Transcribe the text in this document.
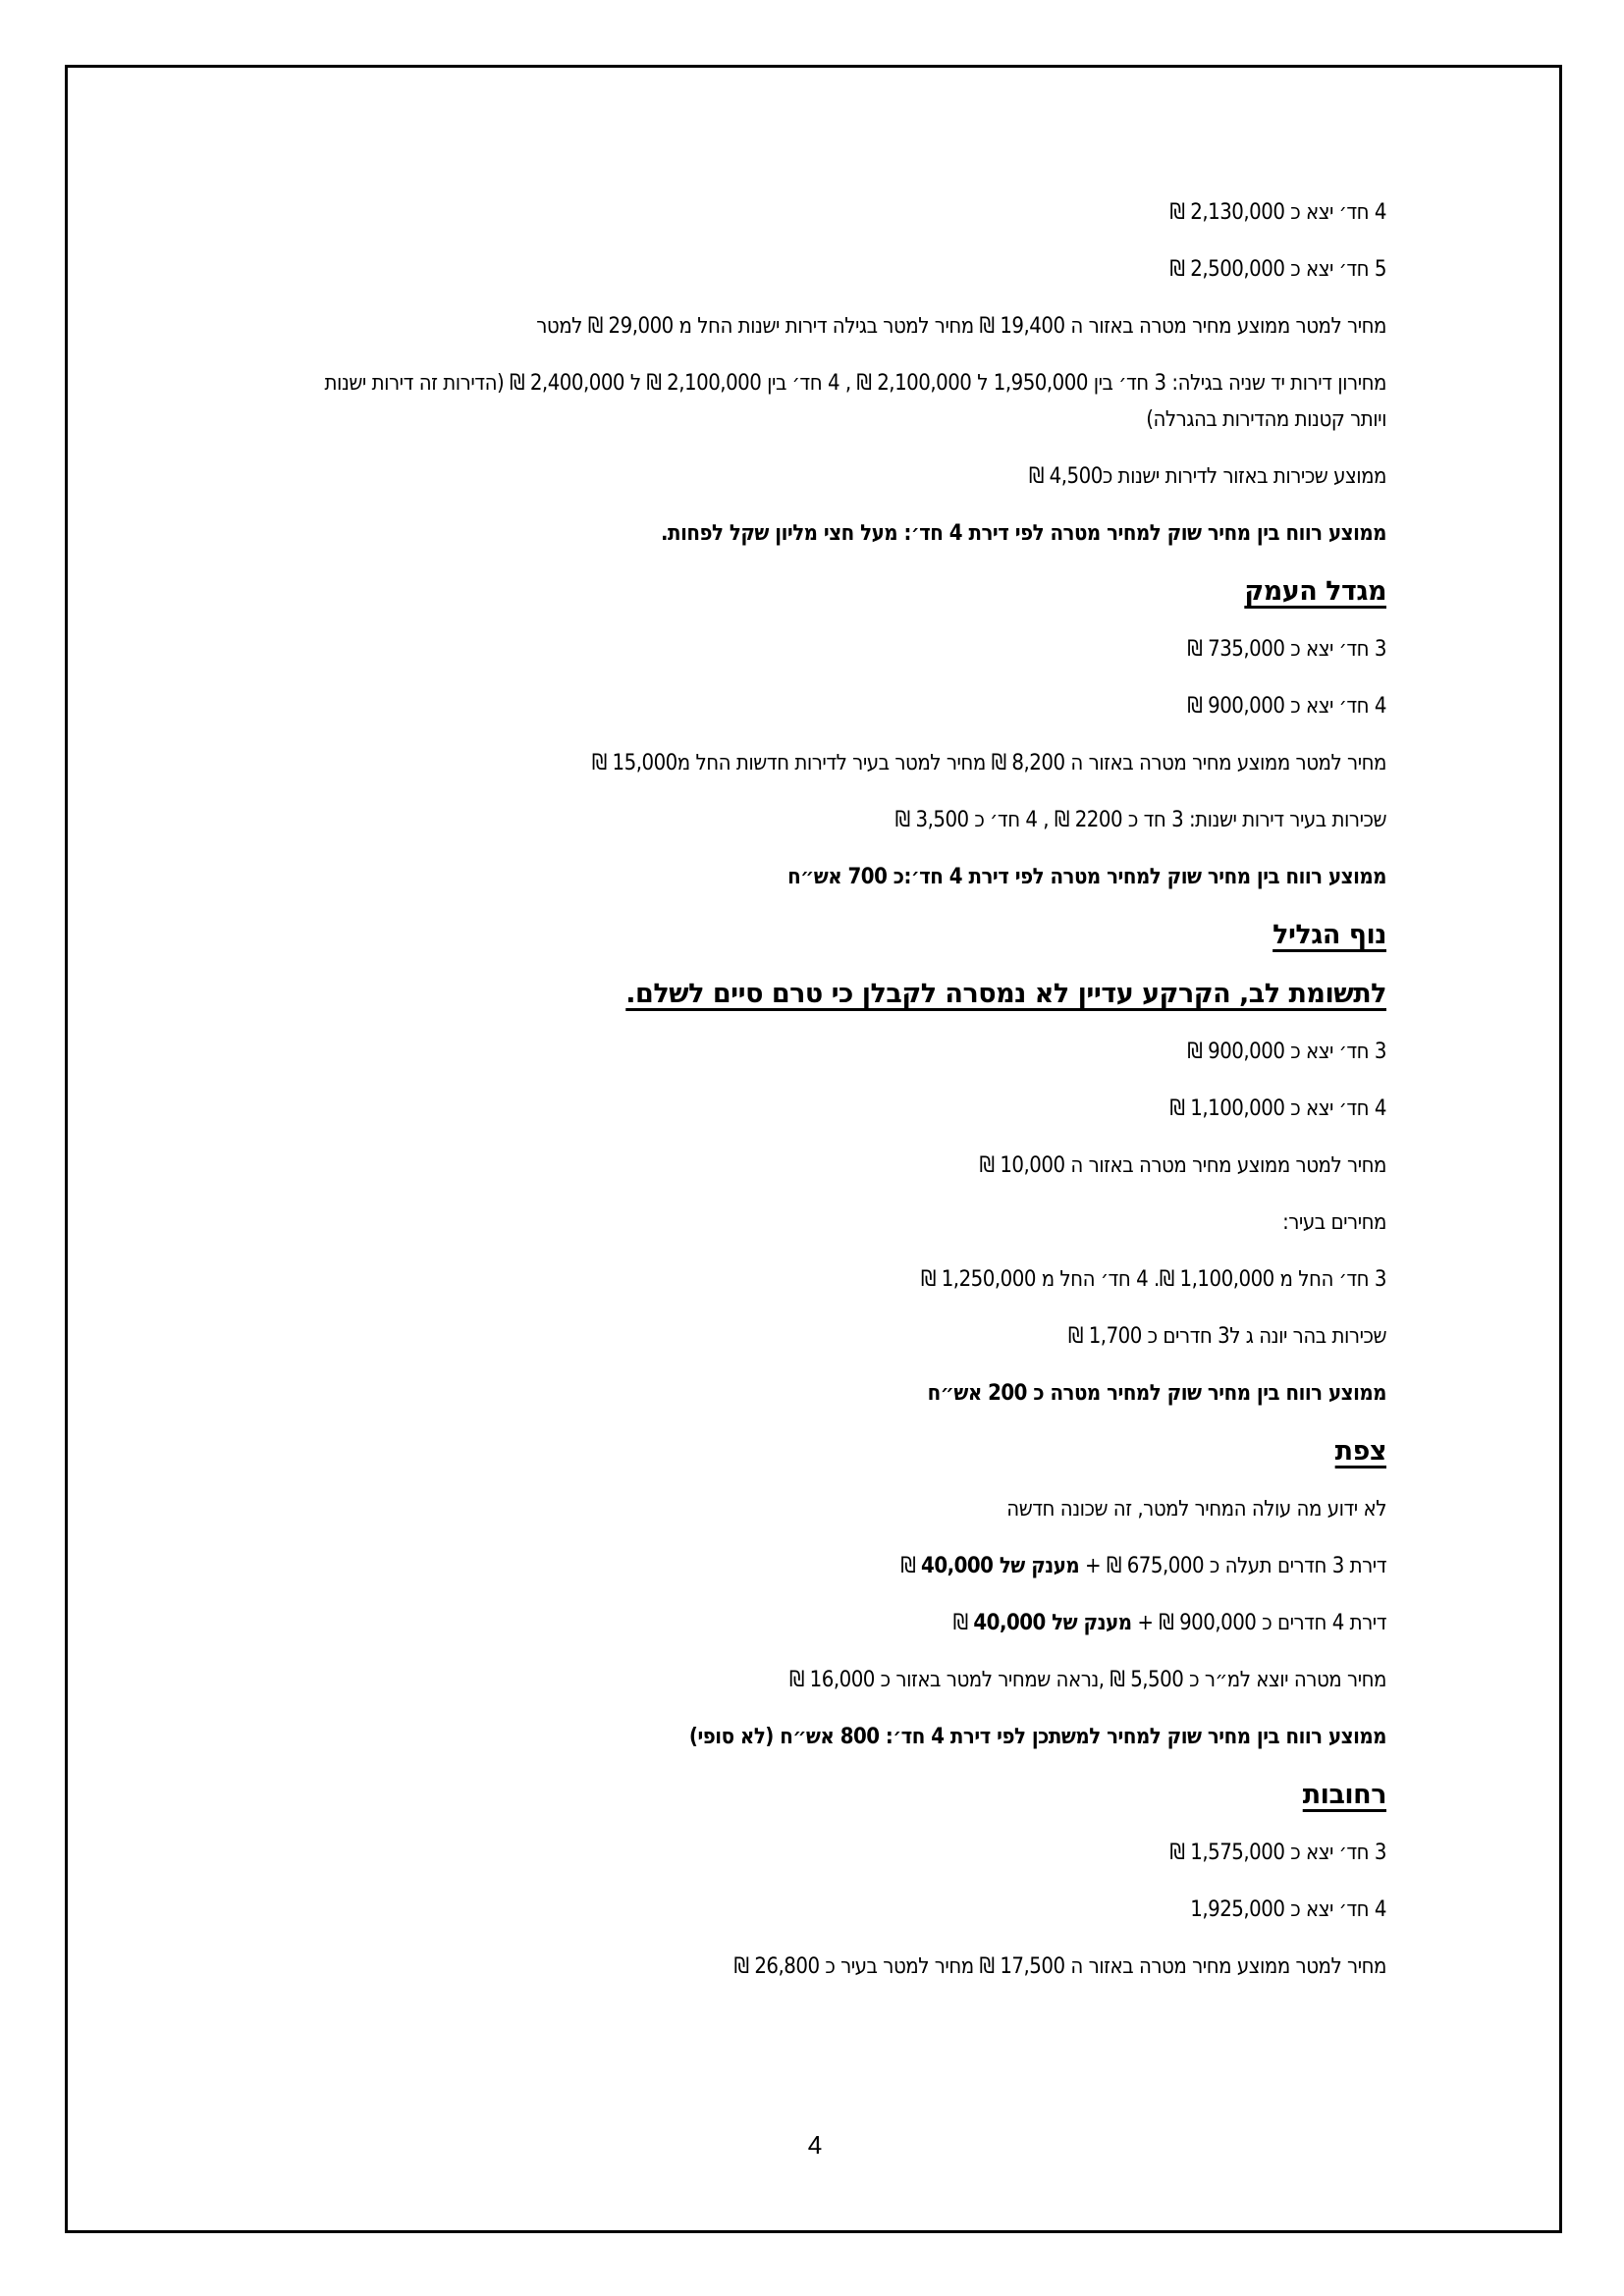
4 חד׳ יצא כ 2,130,000 ₪

5 חד׳ יצא כ 2,500,000 ₪

מחיר למטר ממוצע מחיר מטרה באזור ה 19,400 ₪ מחיר למטר בגילה דירות ישנות החל מ 29,000 ₪ למטר

מחירון דירות יד שניה בגילה: 3 חד׳ בין 1,950,000 ל 2,100,000 ₪ , 4 חד׳ בין 2,100,000 ₪ ל 2,400,000 ₪ (הדירות זה דירות ישנות ויותר קטנות מהדירות בהגרלה)

ממוצע שכירות באזור לדירות ישנות כ4,500 ₪

ממוצע רווח בין מחיר שוק למחיר מטרה לפי דירת 4 חד׳: מעל חצי מליון שקל לפחות.

מגדל העמק

3 חד׳ יצא כ 735,000 ₪

4 חד׳ יצא כ 900,000 ₪

מחיר למטר ממוצע מחיר מטרה באזור ה 8,200 ₪ מחיר למטר בעיר לדירות חדשות החל מ15,000 ₪

שכירות בעיר דירות ישנות: 3 חד כ 2200 ₪ , 4 חד׳ כ 3,500 ₪

ממוצע רווח בין מחיר שוק למחיר מטרה לפי דירת 4 חד׳:כ 700 אש״ח

נוף הגליל
לתשומת לב, הקרקע עדיין לא נמסרה לקבלן כי טרם סיים לשלם.

3 חד׳ יצא כ 900,000 ₪

4 חד׳ יצא כ 1,100,000 ₪

מחיר למטר ממוצע מחיר מטרה באזור ה 10,000 ₪

מחירים בעיר:

3 חד׳ החל מ 1,100,000 ₪. 4 חד׳ החל מ 1,250,000 ₪

שכירות בהר יונה ג ל3 חדרים כ 1,700 ₪

ממוצע רווח בין מחיר שוק למחיר מטרה כ 200 אש״ח

צפת

לא ידוע מה עולה המחיר למטר, זה שכונה חדשה

דירת 3 חדרים תעלה כ 675,000 ₪ + מענק של 40,000 ₪

דירת 4 חדרים כ 900,000 ₪ + מענק של 40,000 ₪

מחיר מטרה יוצא למ״ר כ 5,500 ₪ ,נראה שמחיר למטר באזור כ 16,000 ₪

ממוצע רווח בין מחיר שוק למחיר למשתכן לפי דירת 4 חד׳: 800 אש״ח (לא סופי)

רחובות

3 חד׳ יצא כ 1,575,000 ₪

4 חד׳ יצא כ 1,925,000

מחיר למטר ממוצע מחיר מטרה באזור ה 17,500 ₪ מחיר למטר בעיר כ 26,800 ₪

4
